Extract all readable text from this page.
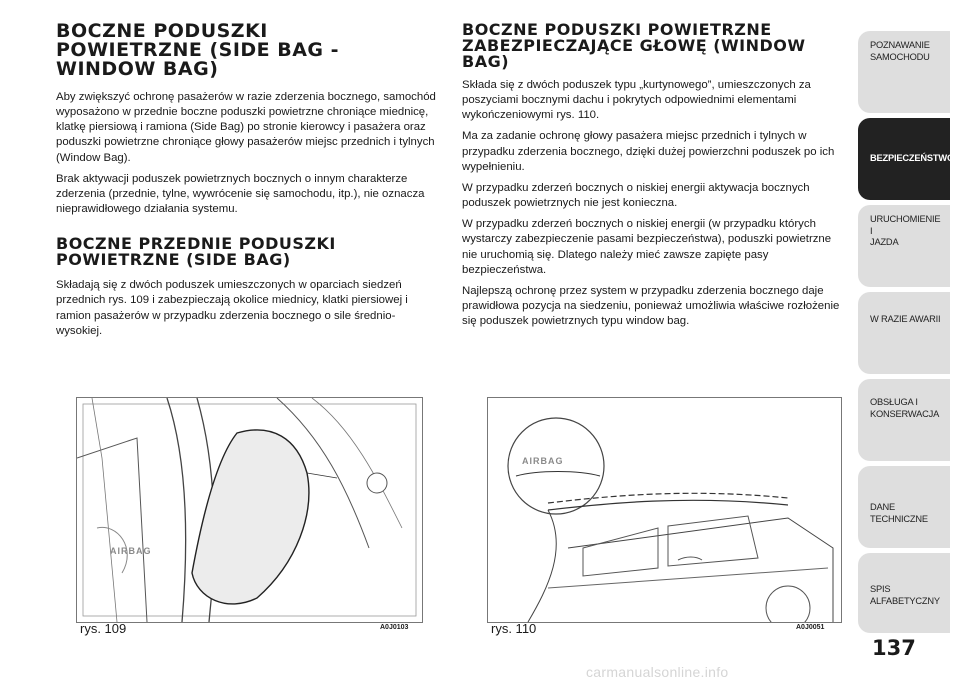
BOCZNE PODUSZKI
POWIETRZNE (SIDE BAG -
WINDOW BAG)

Aby zwiększyć ochronę pasażerów w razie zderzenia bocznego, samochód wyposażono w przednie boczne poduszki powietrzne chroniące miednicę, klatkę piersiową i ramiona (Side Bag) po stronie kierowcy i pasażera oraz poduszki powietrzne chroniące głowy pasażerów miejsc przednich i tylnych (Window Bag).

Brak aktywacji poduszek powietrznych bocznych o innym charakterze zderzenia (przednie, tylne, wywrócenie się samochodu, itp.), nie oznacza nieprawidłowego działania systemu.

BOCZNE PRZEDNIE PODUSZKI
POWIETRZNE (SIDE BAG)

Składają się z dwóch poduszek umieszczonych w oparciach siedzeń przednich rys. 109 i zabezpieczają okolice miednicy, klatki piersiowej i ramion pasażerów w przypadku zderzenia bocznego o sile średnio-wysokiej.

BOCZNE PODUSZKI POWIETRZNE
ZABEZPIECZAJĄCE GŁOWĘ (WINDOW
BAG)

Składa się z dwóch poduszek typu „kurtynowego”, umieszczonych za poszyciami bocznymi dachu i pokrytych odpowiednimi elementami wykończeniowymi rys. 110.

Ma za zadanie ochronę głowy pasażera miejsc przednich i tylnych w przypadku zderzenia bocznego, dzięki dużej powierzchni poduszek po ich wypełnieniu.

W przypadku zderzeń bocznych o niskiej energii aktywacja bocznych poduszek powietrznych nie jest konieczna.

W przypadku zderzeń bocznych o niskiej energii (w przypadku których wystarczy zabezpieczenie pasami bezpieczeństwa), poduszki powietrzne nie uruchomią się. Dlatego należy mieć zawsze zapięte pasy bezpieczeństwa.

Najlepszą ochronę przez system w przypadku zderzenia bocznego daje prawidłowa pozycja na siedzeniu, ponieważ umożliwia właściwe rozłożenie się poduszek powietrznych typu window bag.

AIRBAG
rys. 109	A0J0103
AIRBAG
rys. 110	A0J0051
POZNAWANIE
SAMOCHODU
BEZPIECZEŃSTWO
URUCHOMIENIE I
JAZDA
W RAZIE AWARII
OBSŁUGA I
KONSERWACJA
DANE TECHNICZNE
SPIS ALFABETYCZNY
137
carmanualsonline.info
